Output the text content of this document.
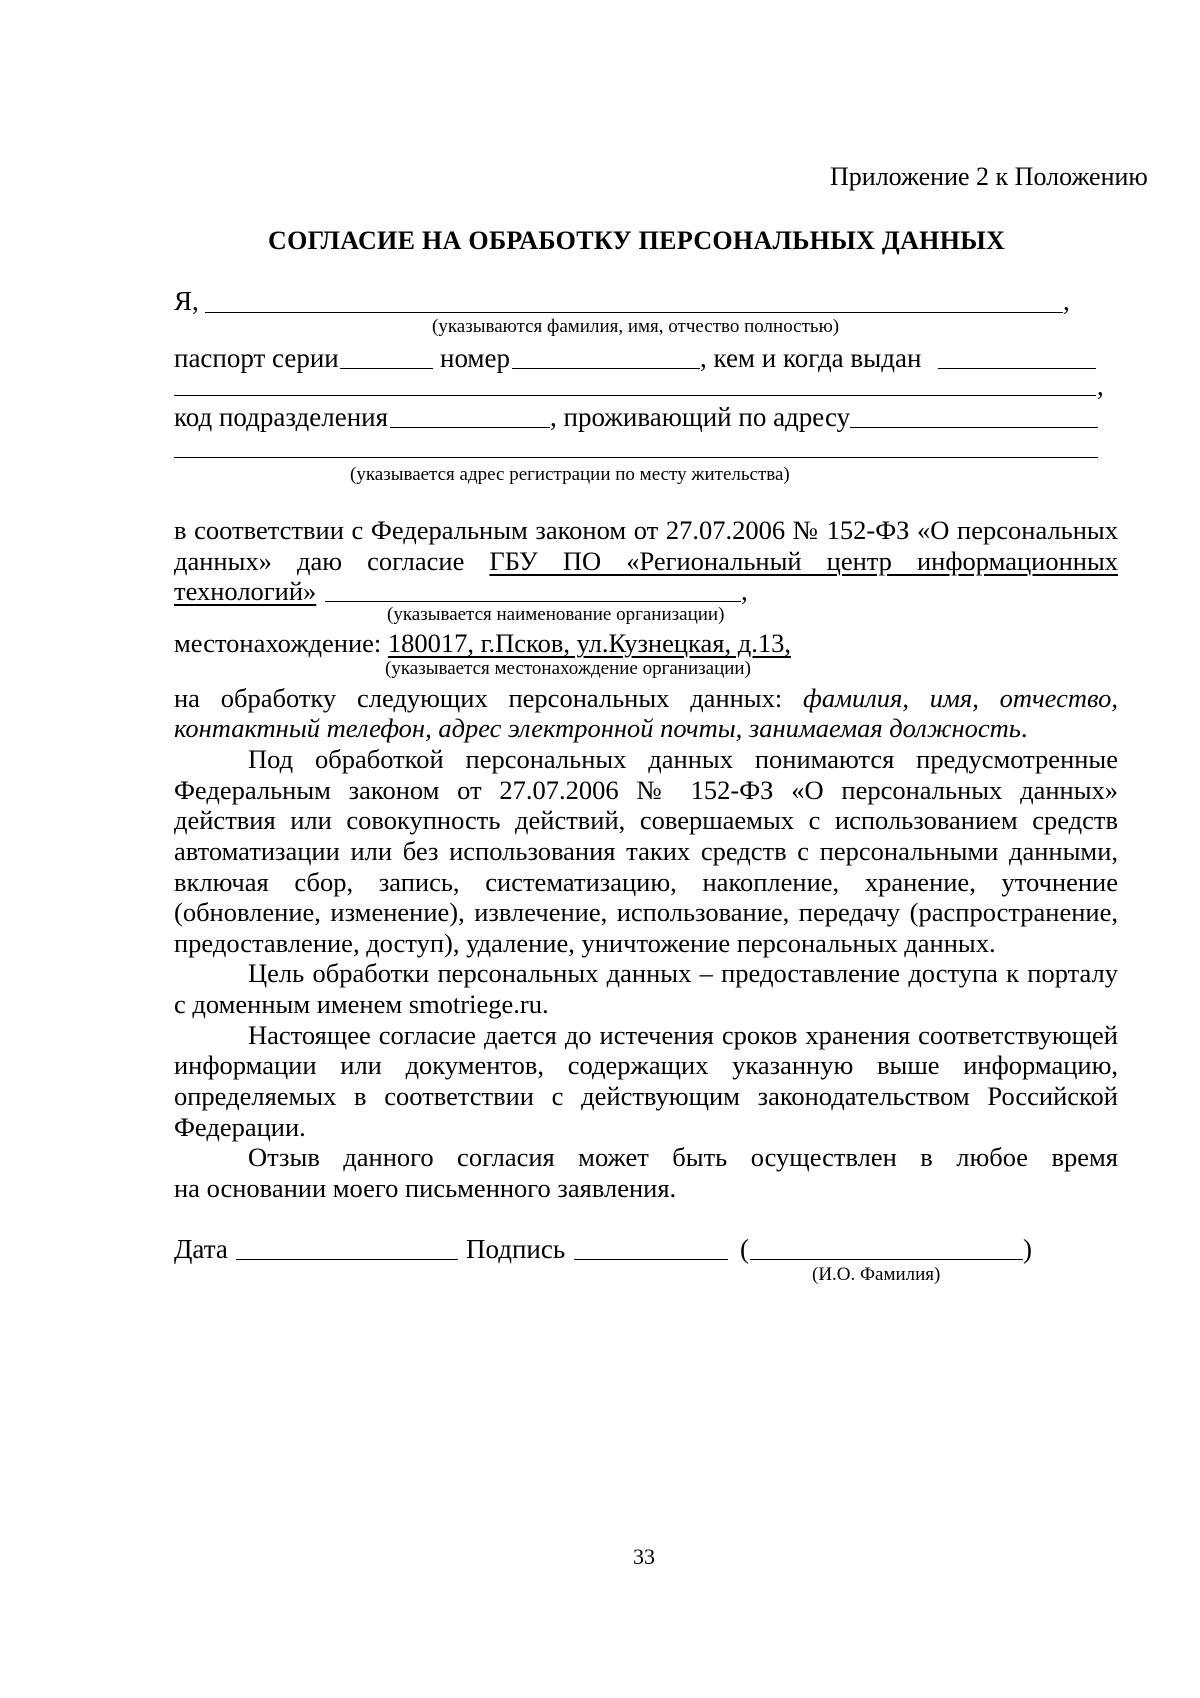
Приложение 2 к Положению
СОГЛАСИЕ НА ОБРАБОТКУ ПЕРСОНАЛЬНЫХ ДАННЫХ
Я,	,
(указываются фамилия, имя, отчество полностью)
паспорт серии	номер	, кем и когда выдан
,
код подразделения	, проживающий по адресу
(указывается адрес регистрации по месту жительства)
в соответствии с Федеральным законом от 27.07.2006 № 152-ФЗ «О персональных
данных» даю согласие ГБУ ПО «Региональный центр информационных
технологий»	,
(указывается наименование организации)
местонахождение: 180017, г.Псков, ул.Кузнецкая, д.13,
(указывается местонахождение организации)
на обработку следующих персональных данных: фамилия, имя, отчество,
контактный телефон, адрес электронной почты, занимаемая должность.
Под обработкой персональных данных понимаются предусмотренные
Федеральным законом от 27.07.2006 № 152-ФЗ «О персональных данных»
действия или совокупность действий, совершаемых с использованием средств
автоматизации или без использования таких средств с персональными данными,
включая сбор, запись, систематизацию, накопление, хранение, уточнение
(обновление, изменение), извлечение, использование, передачу (распространение,
предоставление, доступ), удаление, уничтожение персональных данных.
Цель обработки персональных данных – предоставление доступа к порталу
с доменным именем smotriege.ru.
Настоящее согласие дается до истечения сроков хранения соответствующей
информации или документов, содержащих указанную выше информацию,
определяемых в соответствии с действующим законодательством Российской
Федерации.
Отзыв данного согласия может быть осуществлен в любое время
на основании моего письменного заявления.
Дата	Подпись	(	)
(И.О. Фамилия)
33
